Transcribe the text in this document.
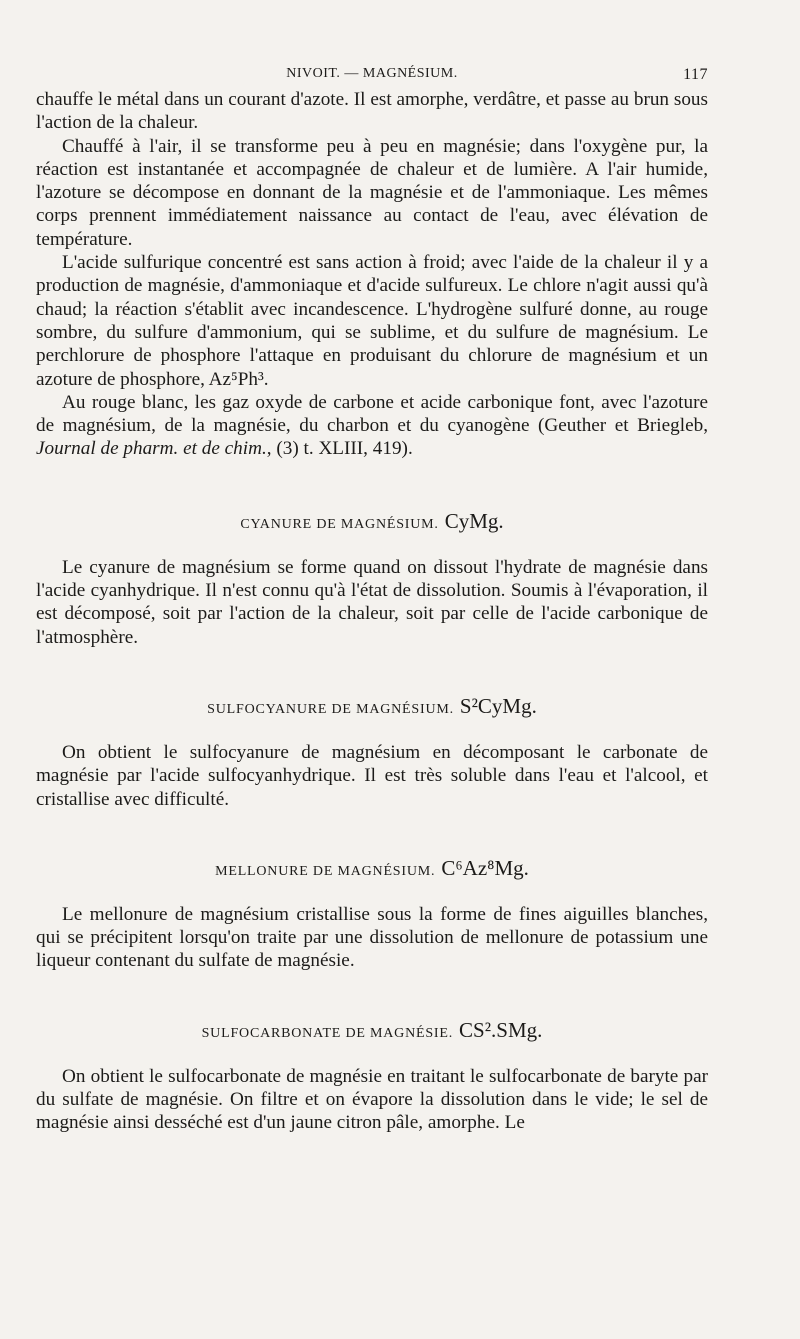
NIVOIT. — MAGNÉSIUM.	117

chauffe le métal dans un courant d'azote. Il est amorphe, verdâtre, et passe au brun sous l'action de la chaleur.

Chauffé à l'air, il se transforme peu à peu en magnésie; dans l'oxygène pur, la réaction est instantanée et accompagnée de chaleur et de lumière. A l'air humide, l'azoture se décompose en donnant de la magnésie et de l'ammoniaque. Les mêmes corps prennent immédiatement naissance au contact de l'eau, avec élévation de température.

L'acide sulfurique concentré est sans action à froid; avec l'aide de la chaleur il y a production de magnésie, d'ammoniaque et d'acide sulfureux. Le chlore n'agit aussi qu'à chaud; la réaction s'établit avec incandescence. L'hydrogène sulfuré donne, au rouge sombre, du sulfure d'ammonium, qui se sublime, et du sulfure de magnésium. Le perchlorure de phosphore l'attaque en produisant du chlorure de magnésium et un azoture de phosphore, Az⁵Ph³.

Au rouge blanc, les gaz oxyde de carbone et acide carbonique font, avec l'azoture de magnésium, de la magnésie, du charbon et du cyanogène (Geuther et Briegleb, Journal de pharm. et de chim., (3) t. XLIII, 419).

CYANURE DE MAGNÉSIUM. CyMg.

Le cyanure de magnésium se forme quand on dissout l'hydrate de magnésie dans l'acide cyanhydrique. Il n'est connu qu'à l'état de dissolution. Soumis à l'évaporation, il est décomposé, soit par l'action de la chaleur, soit par celle de l'acide carbonique de l'atmosphère.

SULFOCYANURE DE MAGNÉSIUM. S²CyMg.

On obtient le sulfocyanure de magnésium en décomposant le carbonate de magnésie par l'acide sulfocyanhydrique. Il est très soluble dans l'eau et l'alcool, et cristallise avec difficulté.

MELLONURE DE MAGNÉSIUM. C⁶Az⁸Mg.

Le mellonure de magnésium cristallise sous la forme de fines aiguilles blanches, qui se précipitent lorsqu'on traite par une dissolution de mellonure de potassium une liqueur contenant du sulfate de magnésie.

SULFOCARBONATE DE MAGNÉSIE. CS².SMg.

On obtient le sulfocarbonate de magnésie en traitant le sulfocarbonate de baryte par du sulfate de magnésie. On filtre et on évapore la dissolution dans le vide; le sel de magnésie ainsi desséché est d'un jaune citron pâle, amorphe. Le
